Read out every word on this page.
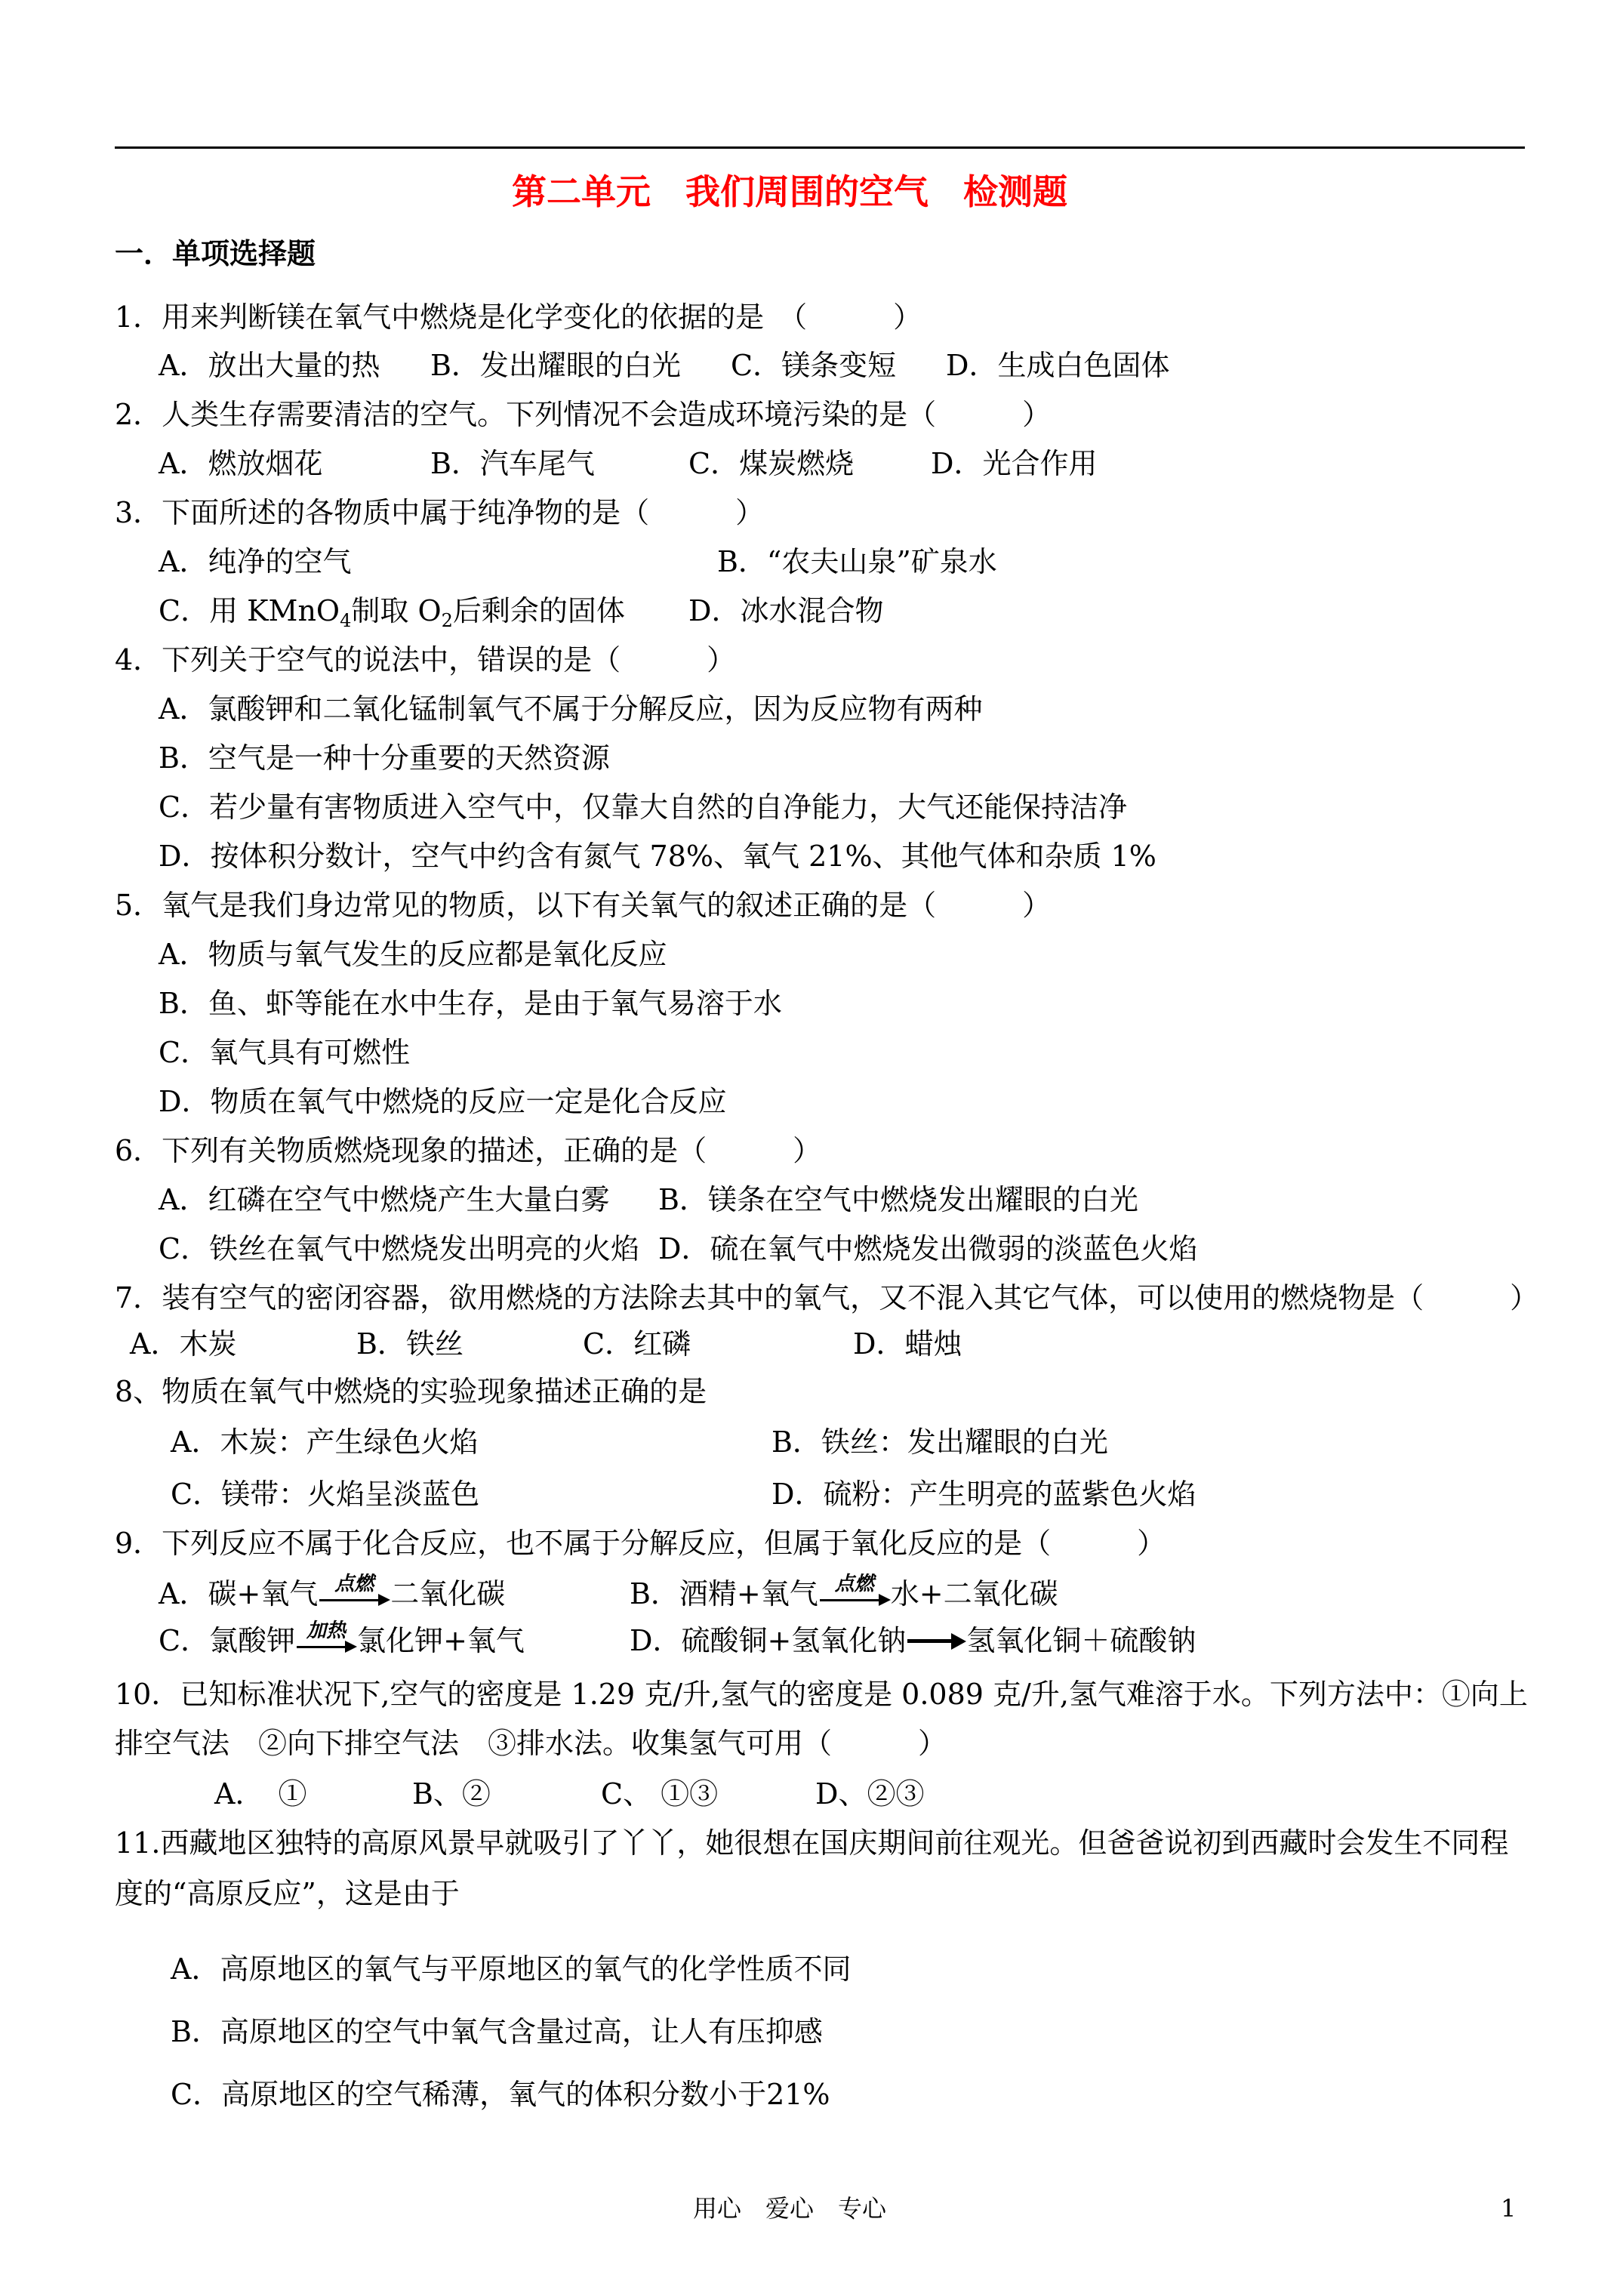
第二单元　我们周围的空气　检测题
一．单项选择题
1．用来判断镁在氧气中燃烧是化学变化的依据的是　（　　　）
A．放出大量的热 B．发出耀眼的白光 C．镁条变短 D．生成白色固体
2．人类生存需要清洁的空气。下列情况不会造成环境污染的是（　　　）
A．燃放烟花	B．汽车尾气	C．煤炭燃烧	D．光合作用
3．下面所述的各物质中属于纯净物的是（　　　）
A．纯净的空气	B．“农夫山泉”矿泉水
C．用 KMnO$_4$制取 $O_2$后剩余的固体 D．冰水混合物
4．下列关于空气的说法中，错误的是（　　　）
A．氯酸钾和二氧化锰制氧气不属于分解反应，因为反应物有两种
B．空气是一种十分重要的天然资源
C．若少量有害物质进入空气中，仅靠大自然的自净能力，大气还能保持洁净
D．按体积分数计，空气中约含有氮气 78%、氧气 21%、其他气体和杂质 1%
5．氧气是我们身边常见的物质，以下有关氧气的叙述正确的是（　　　）
A．物质与氧气发生的反应都是氧化反应
B．鱼、虾等能在水中生存，是由于氧气易溶于水
C．氧气具有可燃性
D．物质在氧气中燃烧的反应一定是化合反应
6．下列有关物质燃烧现象的描述，正确的是（　　　）
A．红磷在空气中燃烧产生大量白雾 B．镁条在空气中燃烧发出耀眼的白光
C．铁丝在氧气中燃烧发出明亮的火焰 D．硫在氧气中燃烧发出微弱的淡蓝色火焰
7．装有空气的密闭容器，欲用燃烧的方法除去其中的氧气，又不混入其它气体，可以使用的燃烧物是（　　　）
A．木炭	B．铁丝	C．红磷	D．蜡烛
8、物质在氧气中燃烧的实验现象描述正确的是
A．木炭：产生绿色火焰	B．铁丝：发出耀眼的白光
C．镁带：火焰呈淡蓝色	D．硫粉：产生明亮的蓝紫色火焰
9．下列反应不属于化合反应，也不属于分解反应，但属于氧化反应的是（　　　）
A．碳+氧气 点燃 二氧化碳	B．酒精+氧气 点燃 水+二氧化碳
C．氯酸钾 加热 氯化钾+氧气	D．硫酸铜+氢氧化钠 氢氧化铜＋硫酸钠
10．已知标准状况下,空气的密度是 1.29 克/升,氢气的密度是 0.089 克/升,氢气难溶于水。下列方法中：①向上
排空气法　②向下排空气法　③排水法。收集氢气可用（　　　）
A．　①	B、②	C、 ①③	D、②③
11.西藏地区独特的高原风景早就吸引了丫丫，她很想在国庆期间前往观光。但爸爸说初到西藏时会发生不同程
度的“高原反应”，这是由于
A．高原地区的氧气与平原地区的氧气的化学性质不同
B．高原地区的空气中氧气含量过高，让人有压抑感
C．高原地区的空气稀薄，氧气的体积分数小于21%
用心　爱心　专心	1
